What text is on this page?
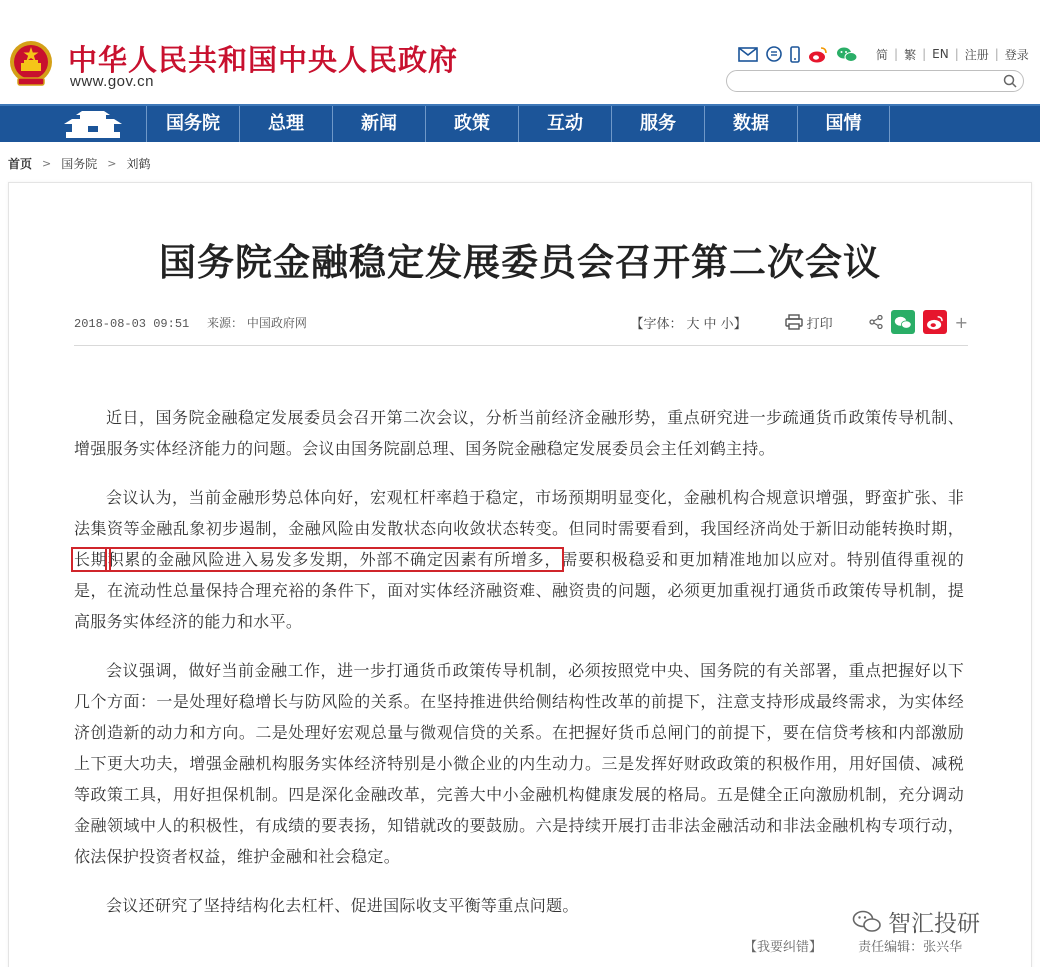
中华人民共和国中央人民政府
www.gov.cn
简 | 繁 | EN | 注册 | 登录
国务院	总理	新闻	政策	互动	服务	数据	国情
首页 > 国务院 > 刘鹤
国务院金融稳定发展委员会召开第二次会议
2018-08-03 09:51 来源： 中国政府网	【字体： 大 中 小】	打印	+

近日，国务院金融稳定发展委员会召开第二次会议，分析当前经济金融形势，重点研究进一步疏通货币政策传导机制、增强服务实体经济能力的问题。会议由国务院副总理、国务院金融稳定发展委员会主任刘鹤主持。

会议认为，当前金融形势总体向好，宏观杠杆率趋于稳定，市场预期明显变化，金融机构合规意识增强，野蛮扩张、非法集资等金融乱象初步遏制，金融风险由发散状态向收敛状态转变。但同时需要看到，我国经济尚处于新旧动能转换时期，长期积累的金融风险进入易发多发期，外部不确定因素有所增多，需要积极稳妥和更加精准地加以应对。特别值得重视的是，在流动性总量保持合理充裕的条件下，面对实体经济融资难、融资贵的问题，必须更加重视打通货币政策传导机制，提高服务实体经济的能力和水平。

会议强调，做好当前金融工作，进一步打通货币政策传导机制，必须按照党中央、国务院的有关部署，重点把握好以下几个方面：一是处理好稳增长与防风险的关系。在坚持推进供给侧结构性改革的前提下，注意支持形成最终需求，为实体经济创造新的动力和方向。二是处理好宏观总量与微观信贷的关系。在把握好货币总闸门的前提下，要在信贷考核和内部激励上下更大功夫，增强金融机构服务实体经济特别是小微企业的内生动力。三是发挥好财政政策的积极作用，用好国债、减税等政策工具，用好担保机制。四是深化金融改革，完善大中小金融机构健康发展的格局。五是健全正向激励机制，充分调动金融领域中人的积极性，有成绩的要表扬，知错就改的要鼓励。六是持续开展打击非法金融活动和非法金融机构专项行动，依法保护投资者权益，维护金融和社会稳定。

会议还研究了坚持结构化去杠杆、促进国际收支平衡等重点问题。

智汇投研
【我要纠错】	责任编辑：张兴华
